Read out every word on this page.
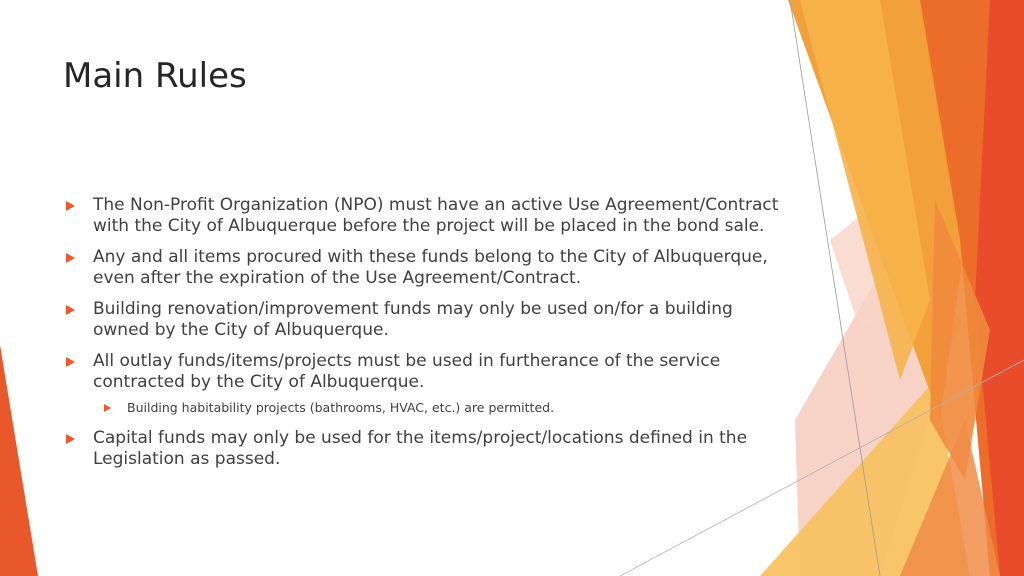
Main Rules
The Non-Profit Organization (NPO) must have an active Use Agreement/Contract with the City of Albuquerque before the project will be placed in the bond sale.
Any and all items procured with these funds belong to the City of Albuquerque, even after the expiration of the Use Agreement/Contract.
Building renovation/improvement funds may only be used on/for a building owned by the City of Albuquerque.
All outlay funds/items/projects must be used in furtherance of the service contracted by the City of Albuquerque.
Building habitability projects (bathrooms, HVAC, etc.) are permitted.
Capital funds may only be used for the items/project/locations defined in the Legislation as passed.
